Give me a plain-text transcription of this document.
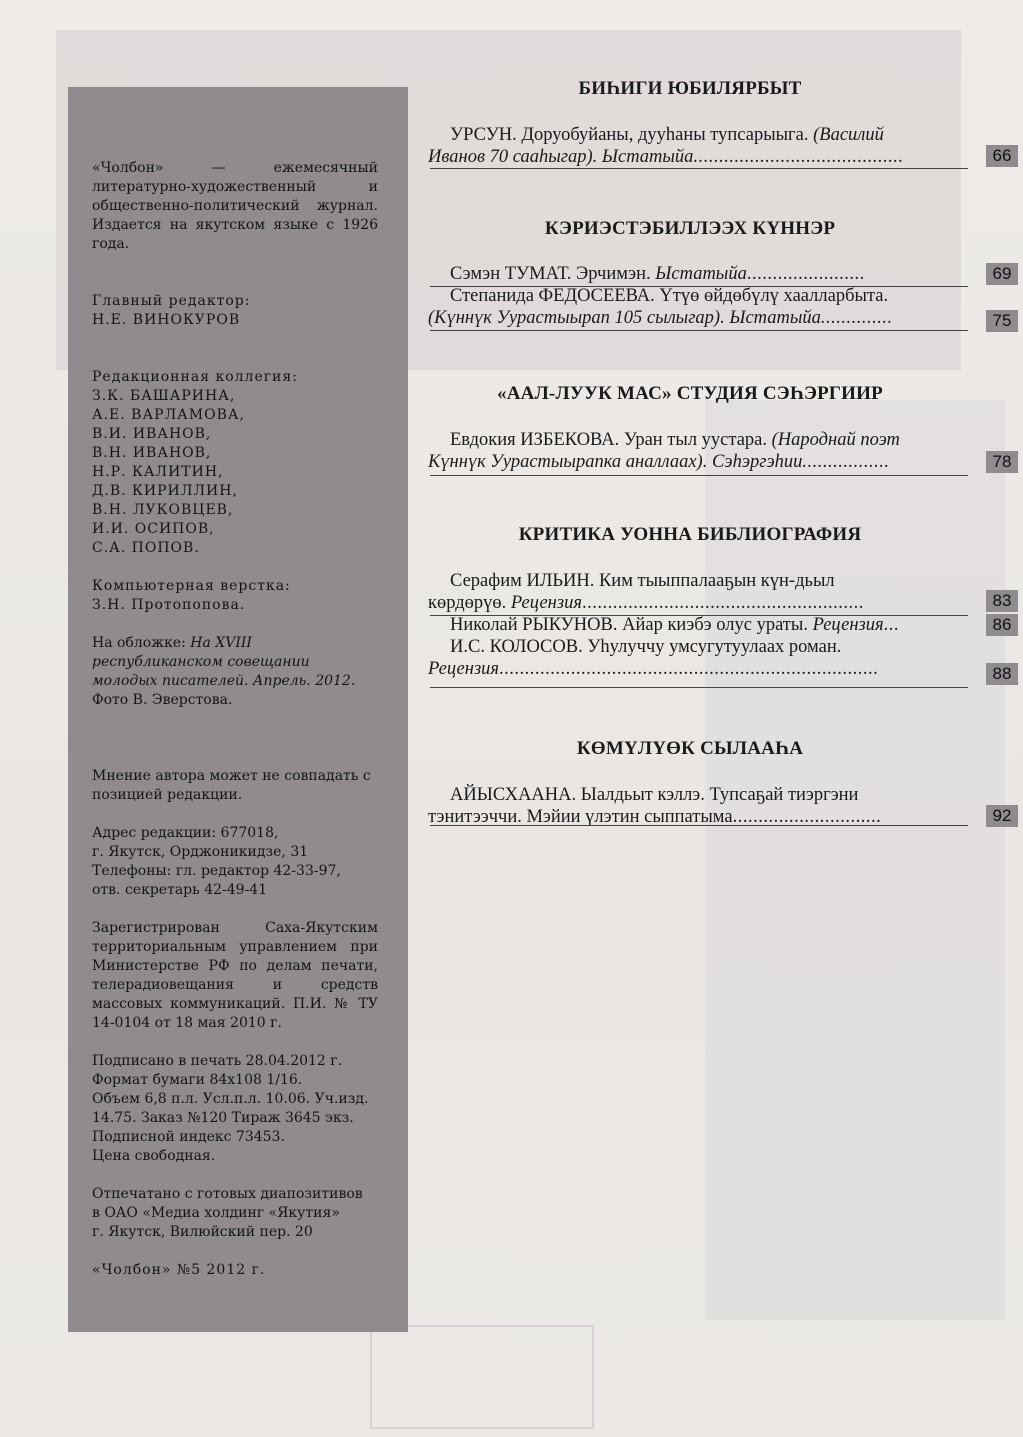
«Чолбон» — ежемесячный литературно-художественный и общественно-политический журнал. Издается на якутском языке с 1926 года.

Главный редактор:

Н.Е. ВИНОКУРОВ

Редакционная коллегия:

З.К. БАШАРИНА,
А.Е. ВАРЛАМОВА,
В.И. ИВАНОВ,
В.Н. ИВАНОВ,
Н.Р. КАЛИТИН,
Д.В. КИРИЛЛИН,
В.Н. ЛУКОВЦЕВ,
И.И. ОСИПОВ,
С.А. ПОПОВ.

Компьютерная верстка:

З.Н. Протопопова.

На обложке: На XVIII республиканском совещании молодых писателей. Апрель. 2012.

Фото В. Эверстова.

Мнение автора может не совпадать с позицией редакции.

Адрес редакции: 677018,
г. Якутск, Орджоникидзе, 31
Телефоны: гл. редактор 42-33-97,
отв. секретарь 42-49-41

Зарегистрирован Саха-Якутским территориальным управлением при Министерстве РФ по делам печати, телерадиовещания и средств массовых коммуникаций. П.И. № ТУ 14-0104 от 18 мая 2010 г.

Подписано в печать 28.04.2012 г.
Формат бумаги 84х108 1/16.
Объем 6,8 п.л. Усл.п.л. 10.06. Уч.изд.
14.75. Заказ №120 Тираж 3645 экз.
Подписной индекс 73453.
Цена свободная.

Отпечатано с готовых диапозитивов
в ОАО «Медиа холдинг «Якутия»
г. Якутск, Вилюйский пер. 20

«Чолбон» №5 2012 г.

БИҺИГИ ЮБИЛЯРБЫТ
УРСУН. Доруобуйаны, дууһаны тупсарыыга. (Василий
Иванов 70 сааһыгар). Ыстатыйа.........................................
КЭРИЭСТЭБИЛЛЭЭХ КҮННЭР
Сэмэн ТУМАТ. Эрчимэн. Ыстатыйа.......................
Степанида ФЕДОСЕЕВА. Үтүө өйдөбүлү хаалларбыта.
(Күннүк Уурастыырап 105 сылыгар). Ыстатыйа..............
«ААЛ-ЛУУК МАС» СТУДИЯ СЭҺЭРГИИР
Евдокия ИЗБЕКОВА. Уран тыл уустара. (Народнай поэт
Күннүк Уурастыырапка аналлаах). Сэһэргэһии.................
КРИТИКА УОННА БИБЛИОГРАФИЯ
Серафим ИЛЬИН. Ким тыыппалааҕын күн-дьыл
көрдөрүө. Рецензия.......................................................
Николай РЫКУНОВ. Айар киэбэ олус ураты. Рецензия...
И.С. КОЛОСОВ. Уһулуччу умсугутуулаах роман.
Рецензия..........................................................................
КӨМҮЛҮӨК СЫЛААҺА
АЙЫСХААНА. Ыалдьыт кэллэ. Тупсаҕай тиэргэни
тэнитээччи. Мэйии үлэтин сыппатыма.............................
66
69
75
78
83
86
88
92
